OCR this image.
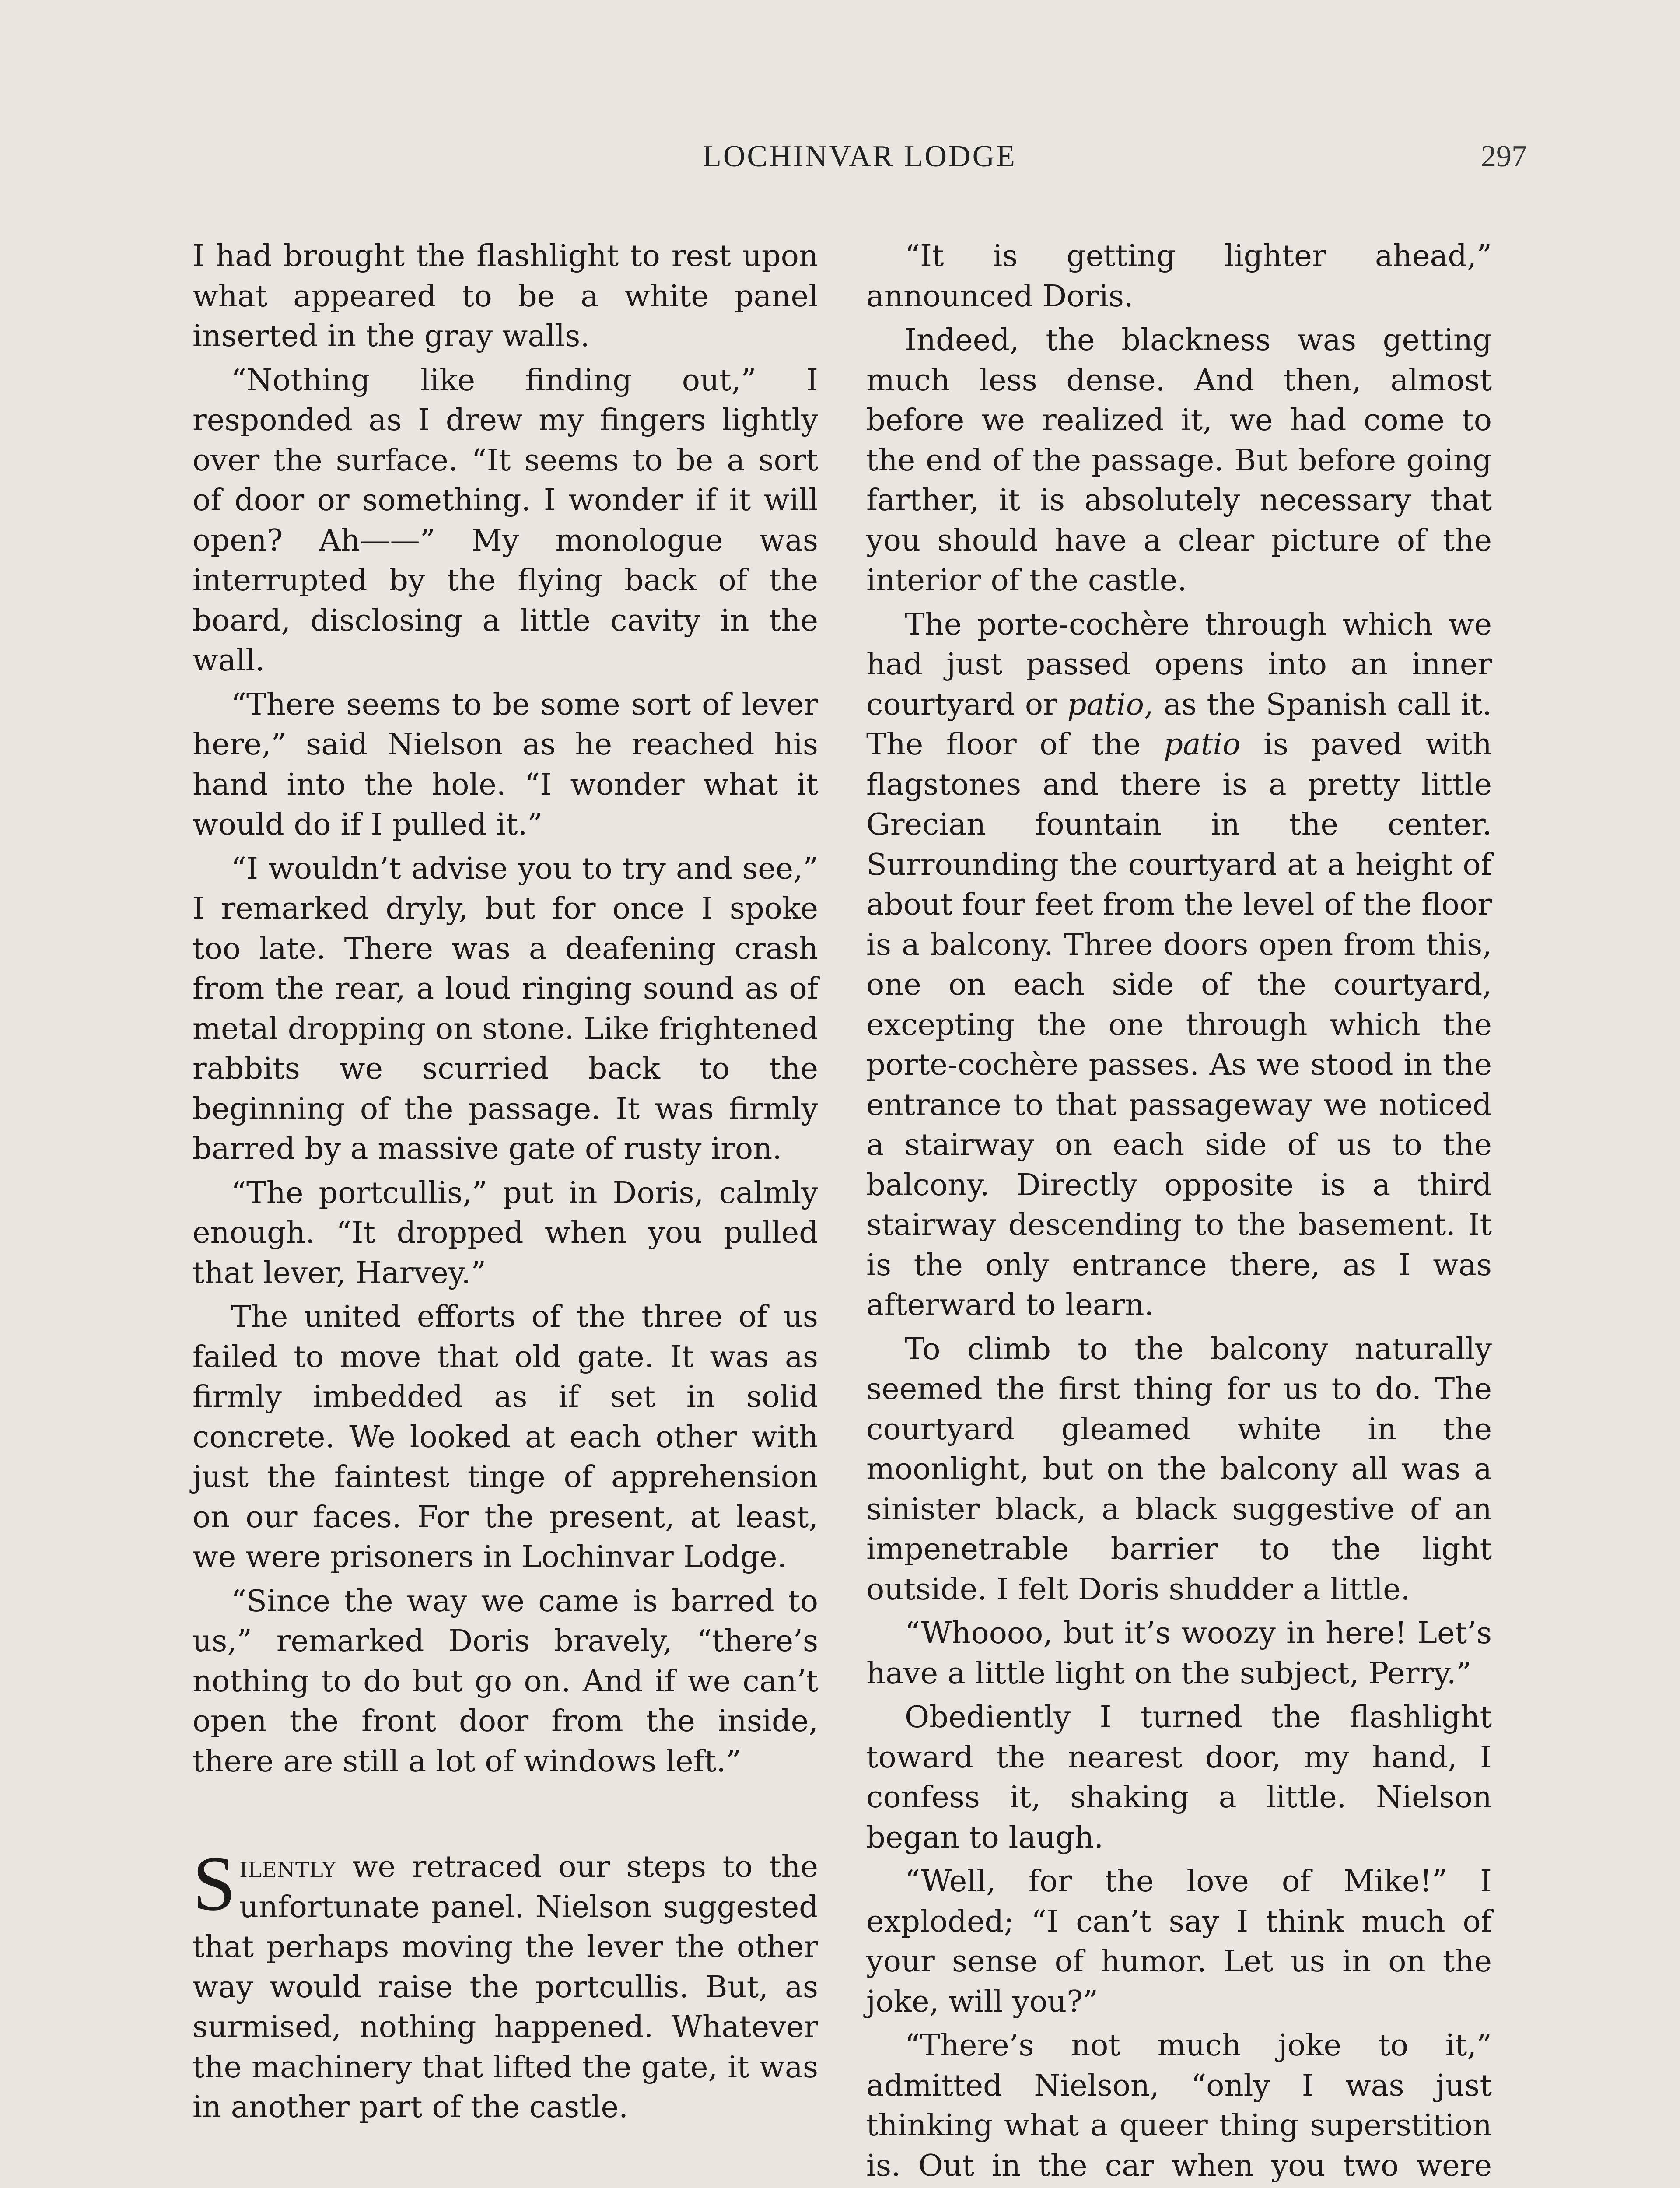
LOCHINVAR LODGE	297

I had brought the flashlight to rest upon what appeared to be a white panel inserted in the gray walls.

“Nothing like finding out,” I responded as I drew my fingers lightly over the surface. “It seems to be a sort of door or something. I wonder if it will open? Ah——” My monologue was interrupted by the flying back of the board, disclosing a little cavity in the wall.

“There seems to be some sort of lever here,” said Nielson as he reached his hand into the hole. “I wonder what it would do if I pulled it.”

“I wouldn’t advise you to try and see,” I remarked dryly, but for once I spoke too late. There was a deafening crash from the rear, a loud ringing sound as of metal dropping on stone. Like frightened rabbits we scurried back to the beginning of the passage. It was firmly barred by a massive gate of rusty iron.

“The portcullis,” put in Doris, calmly enough. “It dropped when you pulled that lever, Harvey.”

The united efforts of the three of us failed to move that old gate. It was as firmly imbedded as if set in solid concrete. We looked at each other with just the faintest tinge of apprehension on our faces. For the present, at least, we were prisoners in Lochinvar Lodge.

“Since the way we came is barred to us,” remarked Doris bravely, “there’s nothing to do but go on. And if we can’t open the front door from the inside, there are still a lot of windows left.”

Silently we retraced our steps to the unfortunate panel. Nielson suggested that perhaps moving the lever the other way would raise the portcullis. But, as surmised, nothing happened. Whatever the machinery that lifted the gate, it was in another part of the castle.

“It is getting lighter ahead,” announced Doris.

Indeed, the blackness was getting much less dense. And then, almost before we realized it, we had come to the end of the passage. But before going farther, it is absolutely necessary that you should have a clear picture of the interior of the castle.

The porte-cochère through which we had just passed opens into an inner courtyard or patio, as the Spanish call it. The floor of the patio is paved with flagstones and there is a pretty little Grecian fountain in the center. Surrounding the courtyard at a height of about four feet from the level of the floor is a balcony. Three doors open from this, one on each side of the courtyard, excepting the one through which the porte-cochère passes. As we stood in the entrance to that passageway we noticed a stairway on each side of us to the balcony. Directly opposite is a third stairway descending to the basement. It is the only entrance there, as I was afterward to learn.

To climb to the balcony naturally seemed the first thing for us to do. The courtyard gleamed white in the moonlight, but on the balcony all was a sinister black, a black suggestive of an impenetrable barrier to the light outside. I felt Doris shudder a little.

“Whoooo, but it’s woozy in here! Let’s have a little light on the subject, Perry.”

Obediently I turned the flashlight toward the nearest door, my hand, I confess it, shaking a little. Nielson began to laugh.

“Well, for the love of Mike!” I exploded; “I can’t say I think much of your sense of humor. Let us in on the joke, will you?”

“There’s not much joke to it,” admitted Nielson, “only I was just thinking what a queer thing superstition is. Out in the car when you two were
